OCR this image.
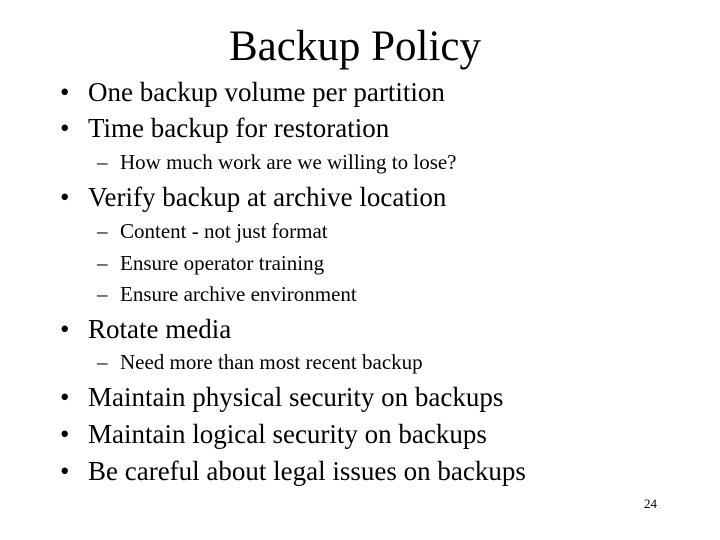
Backup Policy
• One backup volume per partition
• Time backup for restoration
– How much work are we willing to lose?
• Verify backup at archive location
– Content - not just format
– Ensure operator training
– Ensure archive environment
• Rotate media
– Need more than most recent backup
• Maintain physical security on backups
• Maintain logical security on backups
• Be careful about legal issues on backups
24
